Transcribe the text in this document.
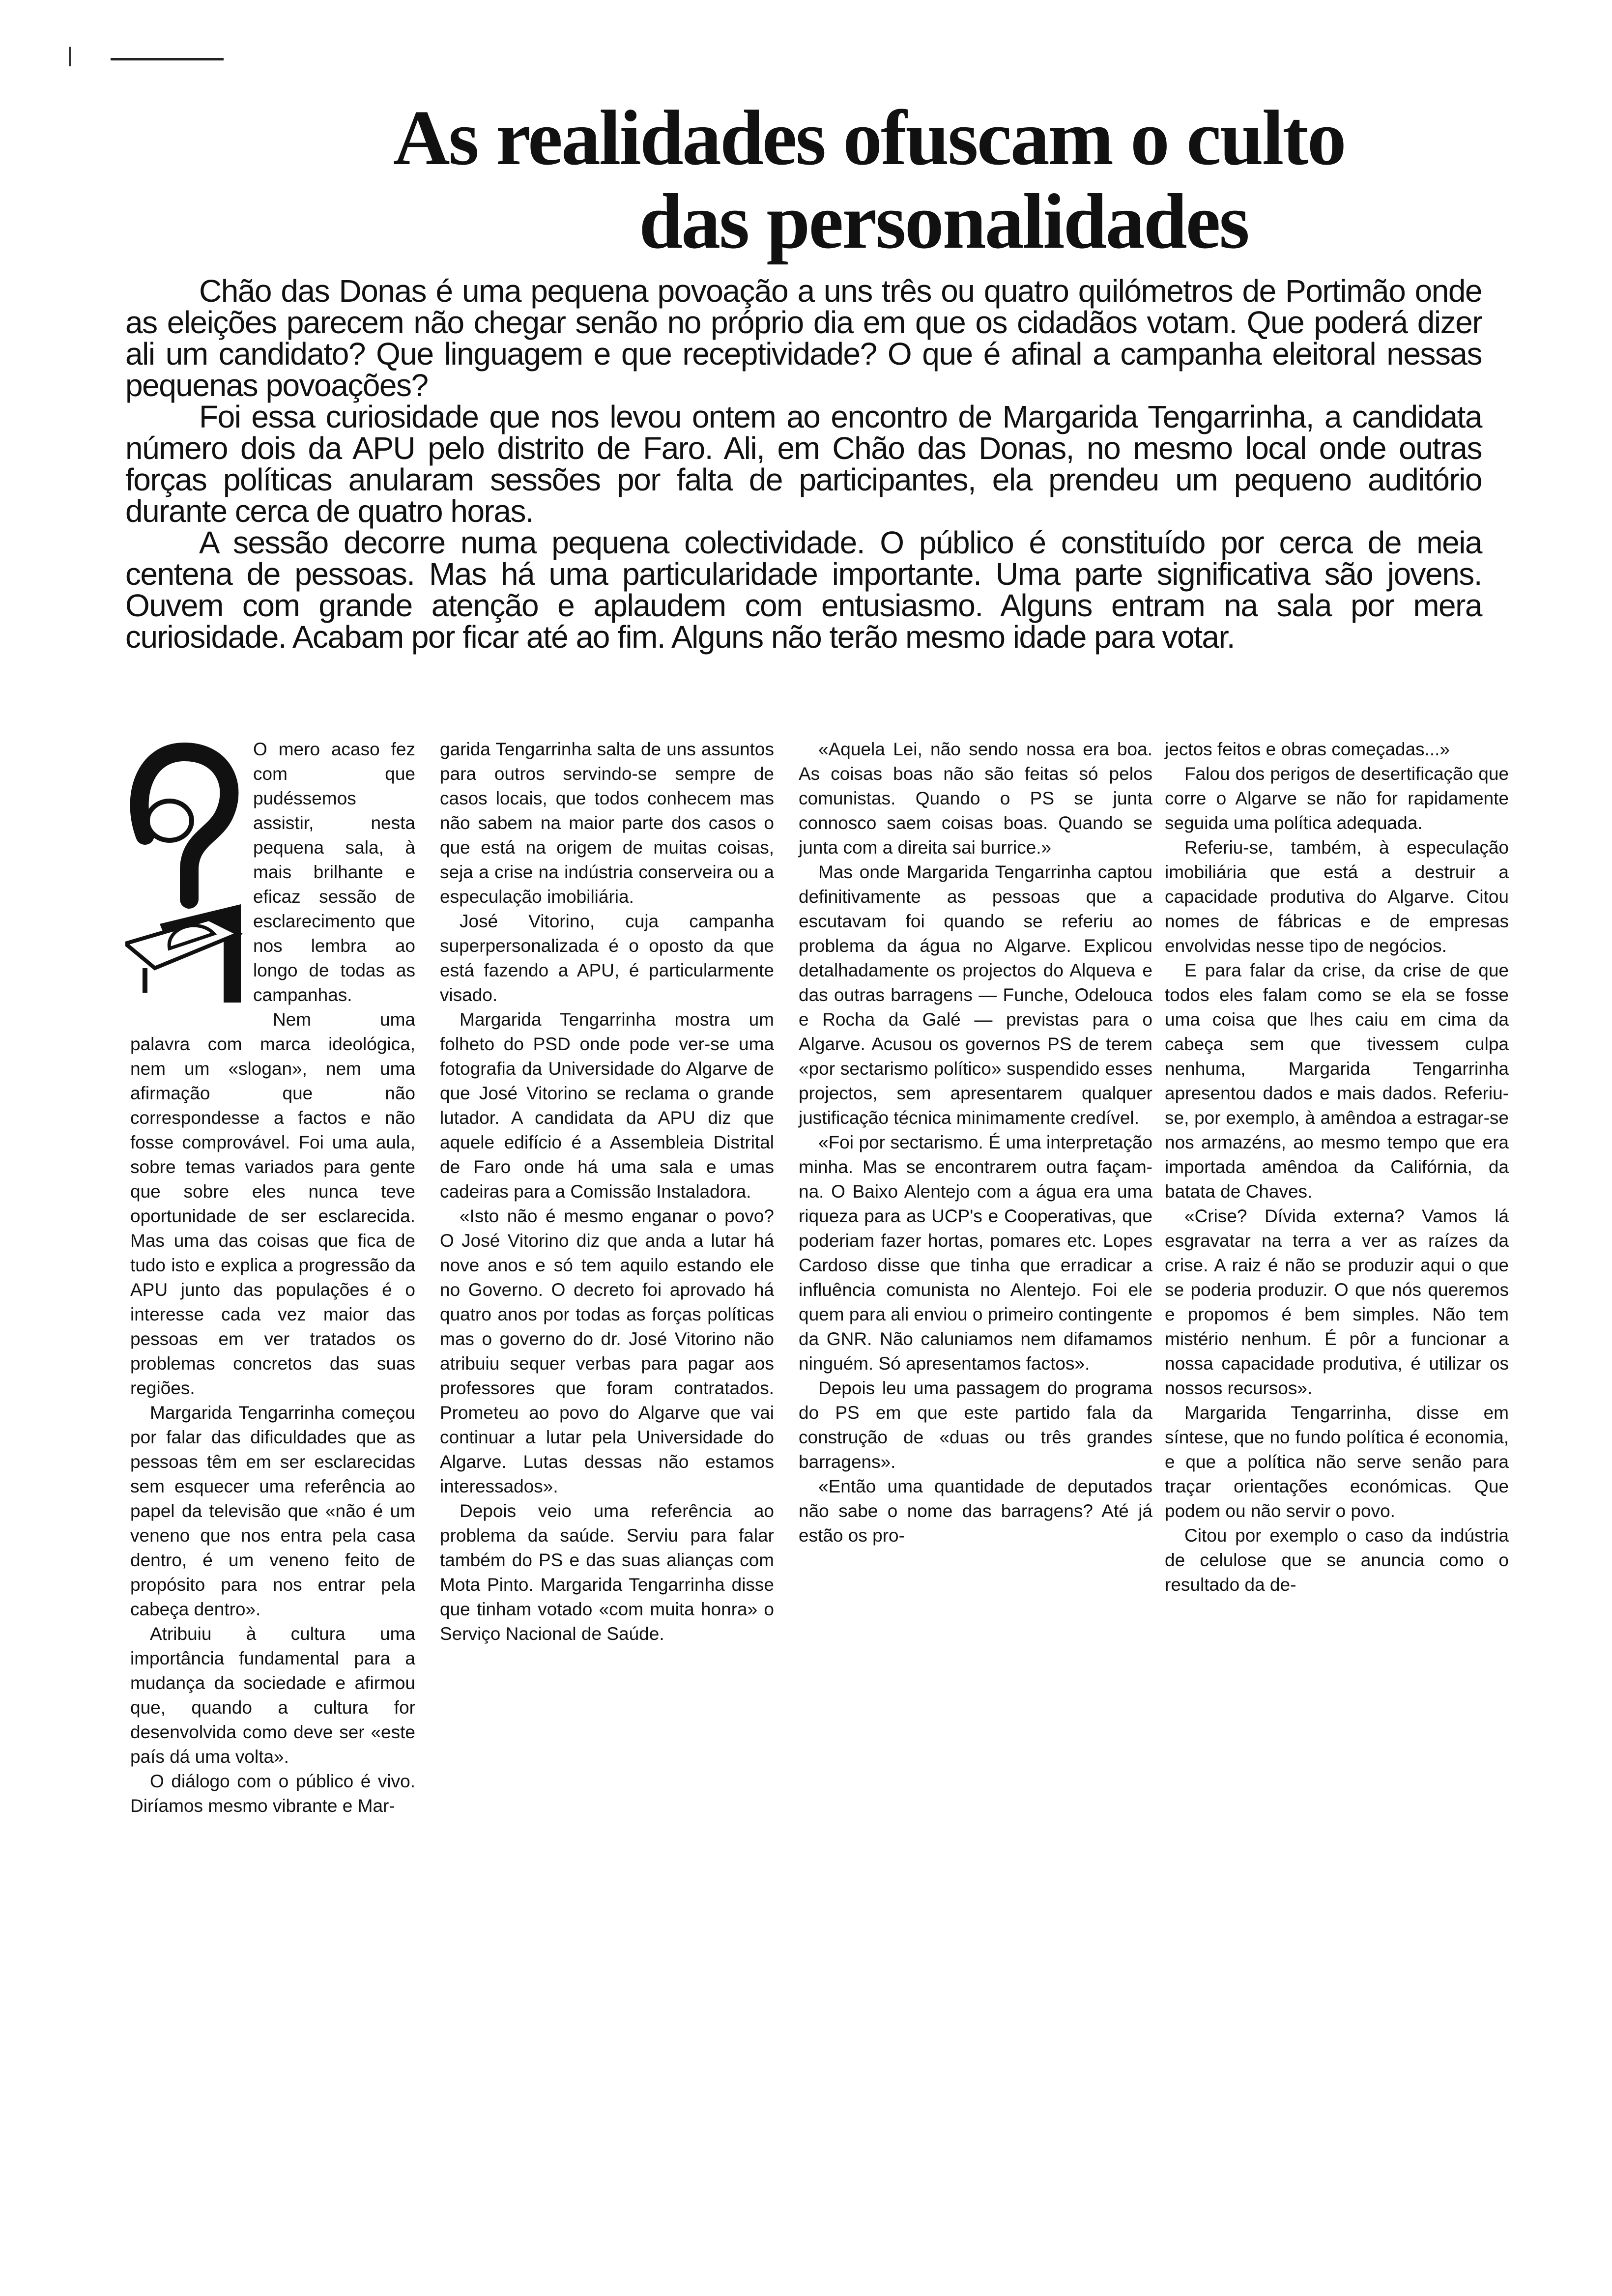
As realidades ofuscam o culto
das personalidades

Chão das Donas é uma pequena povoação a uns três ou quatro quilómetros de Portimão onde as eleições parecem não chegar senão no próprio dia em que os cidadãos votam. Que poderá dizer ali um candidato? Que linguagem e que receptividade? O que é afinal a campanha eleitoral nessas pequenas povoações?

Foi essa curiosidade que nos levou ontem ao encontro de Margarida Tengarrinha, a candidata número dois da APU pelo distrito de Faro. Ali, em Chão das Donas, no mesmo local onde outras forças políticas anularam sessões por falta de participantes, ela prendeu um pequeno auditório durante cerca de quatro horas.

A sessão decorre numa pequena colectividade. O público é constituído por cerca de meia centena de pessoas. Mas há uma particularidade importante. Uma parte significativa são jovens. Ouvem com grande atenção e aplaudem com entusiasmo. Alguns entram na sala por mera curiosidade. Acabam por ficar até ao fim. Alguns não terão mesmo idade para votar.

O mero acaso fez com que pudéssemos assistir, nesta pequena sala, à mais brilhante e eficaz sessão de esclarecimento que nos lembra ao longo de todas as campanhas.

Nem uma palavra com marca ideológica, nem um «slogan», nem uma afirmação que não correspondesse a factos e não fosse comprovável. Foi uma aula, sobre temas variados para gente que sobre eles nunca teve oportunidade de ser esclarecida. Mas uma das coisas que fica de tudo isto e explica a progressão da APU junto das populações é o interesse cada vez maior das pessoas em ver tratados os problemas concretos das suas regiões.

Margarida Tengarrinha começou por falar das dificuldades que as pessoas têm em ser esclarecidas sem esquecer uma referência ao papel da televisão que «não é um veneno que nos entra pela casa dentro, é um veneno feito de propósito para nos entrar pela cabeça dentro».

Atribuiu à cultura uma importância fundamental para a mudança da sociedade e afirmou que, quando a cultura for desenvolvida como deve ser «este país dá uma volta».

O diálogo com o público é vivo. Diríamos mesmo vibrante e Mar-

garida Tengarrinha salta de uns assuntos para outros servindo-se sempre de casos locais, que todos conhecem mas não sabem na maior parte dos casos o que está na origem de muitas coisas, seja a crise na indústria conserveira ou a especulação imobiliária.

José Vitorino, cuja campanha superpersonalizada é o oposto da que está fazendo a APU, é particularmente visado.

Margarida Tengarrinha mostra um folheto do PSD onde pode ver-se uma fotografia da Universidade do Algarve de que José Vitorino se reclama o grande lutador. A candidata da APU diz que aquele edifício é a Assembleia Distrital de Faro onde há uma sala e umas cadeiras para a Comissão Instaladora.

«Isto não é mesmo enganar o povo? O José Vitorino diz que anda a lutar há nove anos e só tem aquilo estando ele no Governo. O decreto foi aprovado há quatro anos por todas as forças políticas mas o governo do dr. José Vitorino não atribuiu sequer verbas para pagar aos professores que foram contratados. Prometeu ao povo do Algarve que vai continuar a lutar pela Universidade do Algarve. Lutas dessas não estamos interessados».

Depois veio uma referência ao problema da saúde. Serviu para falar também do PS e das suas alianças com Mota Pinto. Margarida Tengarrinha disse que tinham votado «com muita honra» o Serviço Nacional de Saúde.

«Aquela Lei, não sendo nossa era boa. As coisas boas não são feitas só pelos comunistas. Quando o PS se junta connosco saem coisas boas. Quando se junta com a direita sai burrice.»

Mas onde Margarida Tengarrinha captou definitivamente as pessoas que a escutavam foi quando se referiu ao problema da água no Algarve. Explicou detalhadamente os projectos do Alqueva e das outras barragens — Funche, Odelouca e Rocha da Galé — previstas para o Algarve. Acusou os governos PS de terem «por sectarismo político» suspendido esses projectos, sem apresentarem qualquer justificação técnica minimamente credível.

«Foi por sectarismo. É uma interpretação minha. Mas se encontrarem outra façam-na. O Baixo Alentejo com a água era uma riqueza para as UCP's e Cooperativas, que poderiam fazer hortas, pomares etc. Lopes Cardoso disse que tinha que erradicar a influência comunista no Alentejo. Foi ele quem para ali enviou o primeiro contingente da GNR. Não caluniamos nem difamamos ninguém. Só apresentamos factos».

Depois leu uma passagem do programa do PS em que este partido fala da construção de «duas ou três grandes barragens».

«Então uma quantidade de deputados não sabe o nome das barragens? Até já estão os pro-

jectos feitos e obras começadas...»

Falou dos perigos de desertificação que corre o Algarve se não for rapidamente seguida uma política adequada.

Referiu-se, também, à especulação imobiliária que está a destruir a capacidade produtiva do Algarve. Citou nomes de fábricas e de empresas envolvidas nesse tipo de negócios.

E para falar da crise, da crise de que todos eles falam como se ela se fosse uma coisa que lhes caiu em cima da cabeça sem que tivessem culpa nenhuma, Margarida Tengarrinha apresentou dados e mais dados. Referiu-se, por exemplo, à amêndoa a estragar-se nos armazéns, ao mesmo tempo que era importada amêndoa da Califórnia, da batata de Chaves.

«Crise? Dívida externa? Vamos lá esgravatar na terra a ver as raízes da crise. A raiz é não se produzir aqui o que se poderia produzir. O que nós queremos e propomos é bem simples. Não tem mistério nenhum. É pôr a funcionar a nossa capacidade produtiva, é utilizar os nossos recursos».

Margarida Tengarrinha, disse em síntese, que no fundo política é economia, e que a política não serve senão para traçar orientações económicas. Que podem ou não servir o povo.

Citou por exemplo o caso da indústria de celulose que se anuncia como o resultado da de-
